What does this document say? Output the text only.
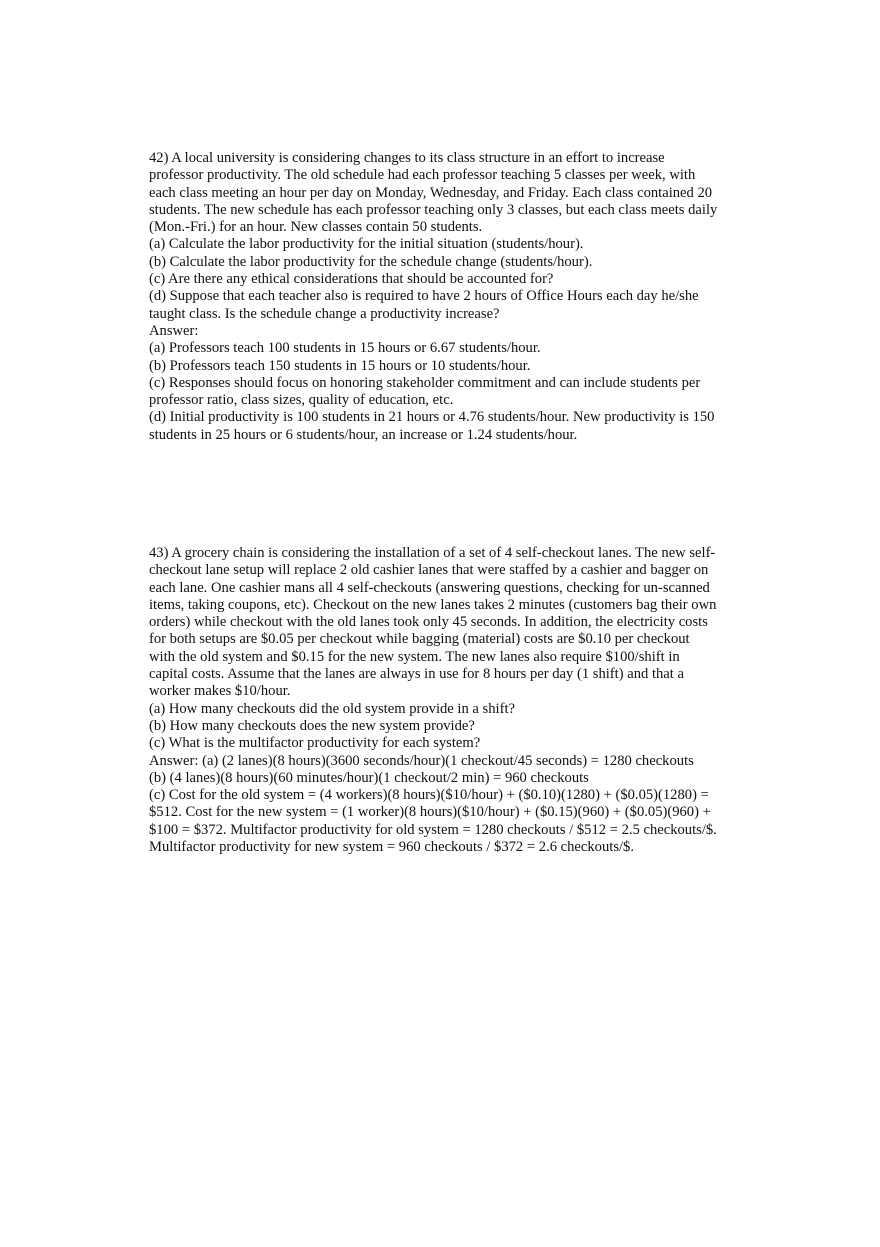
42) A local university is considering changes to its class structure in an effort to increase
professor productivity. The old schedule had each professor teaching 5 classes per week, with
each class meeting an hour per day on Monday, Wednesday, and Friday. Each class contained 20
students. The new schedule has each professor teaching only 3 classes, but each class meets daily
(Mon.-Fri.) for an hour. New classes contain 50 students.
(a) Calculate the labor productivity for the initial situation (students/hour).
(b) Calculate the labor productivity for the schedule change (students/hour).
(c) Are there any ethical considerations that should be accounted for?
(d) Suppose that each teacher also is required to have 2 hours of Office Hours each day he/she
taught class. Is the schedule change a productivity increase?
Answer:
(a) Professors teach 100 students in 15 hours or 6.67 students/hour.
(b) Professors teach 150 students in 15 hours or 10 students/hour.
(c) Responses should focus on honoring stakeholder commitment and can include students per
professor ratio, class sizes, quality of education, etc.
(d) Initial productivity is 100 students in 21 hours or 4.76 students/hour. New productivity is 150
students in 25 hours or 6 students/hour, an increase or 1.24 students/hour.
43) A grocery chain is considering the installation of a set of 4 self-checkout lanes. The new self-
checkout lane setup will replace 2 old cashier lanes that were staffed by a cashier and bagger on
each lane. One cashier mans all 4 self-checkouts (answering questions, checking for un-scanned
items, taking coupons, etc). Checkout on the new lanes takes 2 minutes (customers bag their own
orders) while checkout with the old lanes took only 45 seconds. In addition, the electricity costs
for both setups are $0.05 per checkout while bagging (material) costs are $0.10 per checkout
with the old system and $0.15 for the new system. The new lanes also require $100/shift in
capital costs. Assume that the lanes are always in use for 8 hours per day (1 shift) and that a
worker makes $10/hour.
(a) How many checkouts did the old system provide in a shift?
(b) How many checkouts does the new system provide?
(c) What is the multifactor productivity for each system?
Answer: (a) (2 lanes)(8 hours)(3600 seconds/hour)(1 checkout/45 seconds) = 1280 checkouts
(b) (4 lanes)(8 hours)(60 minutes/hour)(1 checkout/2 min) = 960 checkouts
(c) Cost for the old system = (4 workers)(8 hours)($10/hour) + ($0.10)(1280) + ($0.05)(1280) =
$512. Cost for the new system = (1 worker)(8 hours)($10/hour) + ($0.15)(960) + ($0.05)(960) +
$100 = $372. Multifactor productivity for old system = 1280 checkouts / $512 = 2.5 checkouts/$.
Multifactor productivity for new system = 960 checkouts / $372 = 2.6 checkouts/$.
